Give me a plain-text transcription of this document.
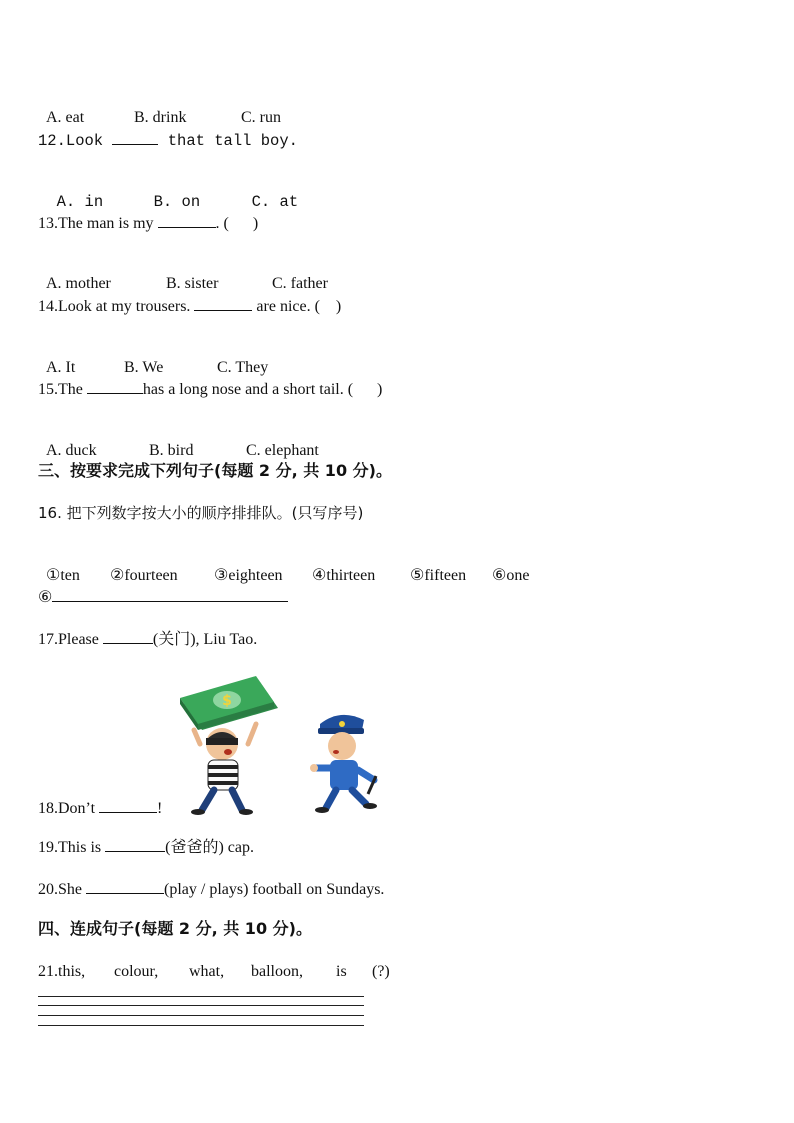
A. eat	B. drink	C. run

12.Look	that tall boy.

A. in	B. on	C. at

13.The man is my	. (      )

A. mother	B. sister	C. father

14.Look at my trousers.	are nice. (    )

A. It	B. We	C. They

15.The	has a long nose and a short tail. (      )

A. duck	B. bird	C. elephant

三、按要求完成下列句子(每题 2 分, 共 10 分)。
16. 把下列数字按大小的顺序排排队。(只写序号)

①ten ②fourteen ③eighteen ④thirteen ⑤fifteen ⑥one

⑥
17.Please	(关门), Liu Tao.
$
18.Don’t	!
19.This is	(爸爸的) cap.
20.She	(play / plays) football on Sundays.
四、连成句子(每题 2 分, 共 10 分)。
21.this, colour, what, balloon, is (?)
